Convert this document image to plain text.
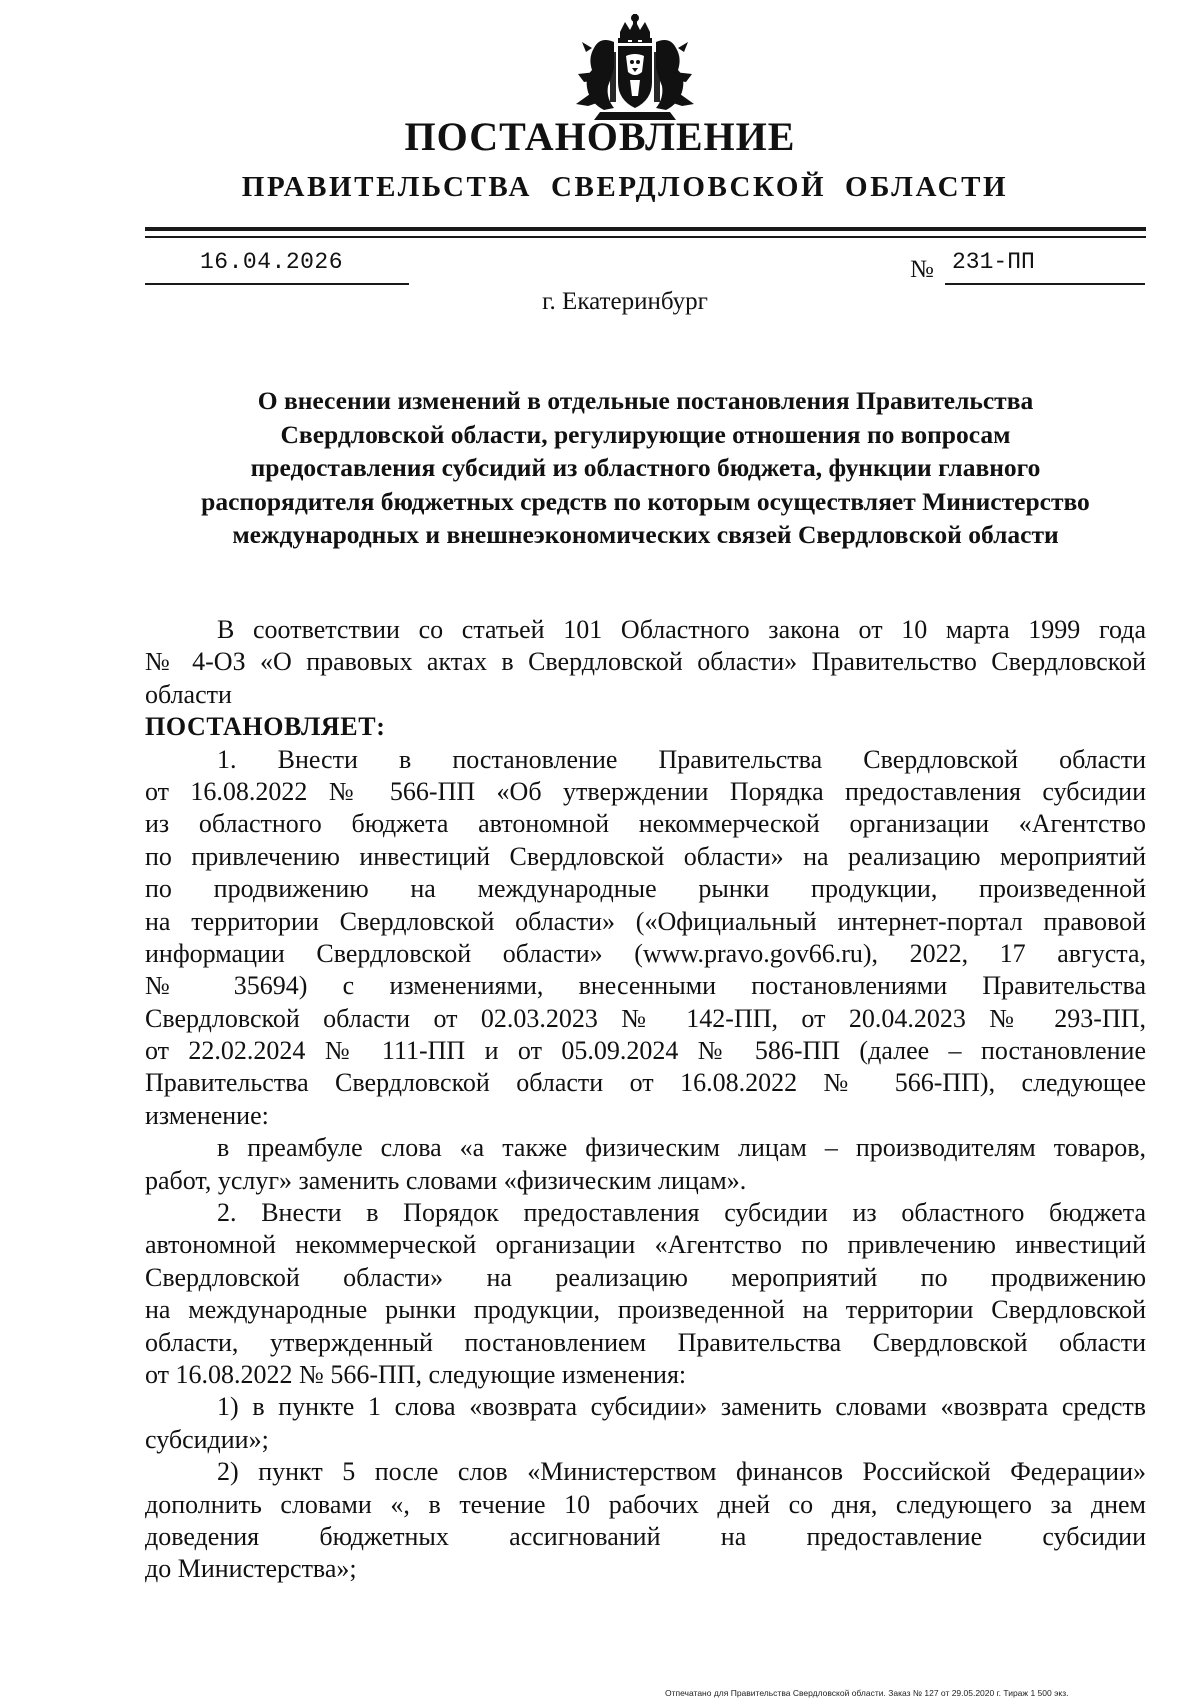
ПОСТАНОВЛЕНИЕ
ПРАВИТЕЛЬСТВА СВЕРДЛОВСКОЙ ОБЛАСТИ
16.04.2026	№ 231-ПП
г. Екатеринбург
О внесении изменений в отдельные постановления Правительства
Свердловской области, регулирующие отношения по вопросам
предоставления субсидий из областного бюджета, функции главного
распорядителя бюджетных средств по которым осуществляет Министерство
международных и внешнеэкономических связей Свердловской области
В соответствии со статьей 101 Областного закона от 10 марта 1999 года
№ 4-ОЗ «О правовых актах в Свердловской области» Правительство Свердловской
области
ПОСТАНОВЛЯЕТ:
1. Внести в постановление Правительства Свердловской области
от 16.08.2022 № 566-ПП «Об утверждении Порядка предоставления субсидии
из областного бюджета автономной некоммерческой организации «Агентство
по привлечению инвестиций Свердловской области» на реализацию мероприятий
по продвижению на международные рынки продукции, произведенной
на территории Свердловской области» («Официальный интернет-портал правовой
информации Свердловской области» (www.pravo.gov66.ru), 2022, 17 августа,
№ 35694) с изменениями, внесенными постановлениями Правительства
Свердловской области от 02.03.2023 № 142-ПП, от 20.04.2023 № 293-ПП,
от 22.02.2024 № 111-ПП и от 05.09.2024 № 586-ПП (далее – постановление
Правительства Свердловской области от 16.08.2022 № 566-ПП), следующее
изменение:
в преамбуле слова «а также физическим лицам – производителям товаров,
работ, услуг» заменить словами «физическим лицам».
2. Внести в Порядок предоставления субсидии из областного бюджета
автономной некоммерческой организации «Агентство по привлечению инвестиций
Свердловской области» на реализацию мероприятий по продвижению
на международные рынки продукции, произведенной на территории Свердловской
области, утвержденный постановлением Правительства Свердловской области
от 16.08.2022 № 566-ПП, следующие изменения:
1) в пункте 1 слова «возврата субсидии» заменить словами «возврата средств
субсидии»;
2) пункт 5 после слов «Министерством финансов Российской Федерации»
дополнить словами «, в течение 10 рабочих дней со дня, следующего за днем
доведения бюджетных ассигнований на предоставление субсидии
до Министерства»;
Отпечатано для Правительства Свердловской области. Заказ № 127 от 29.05.2020 г. Тираж 1 500 экз.
